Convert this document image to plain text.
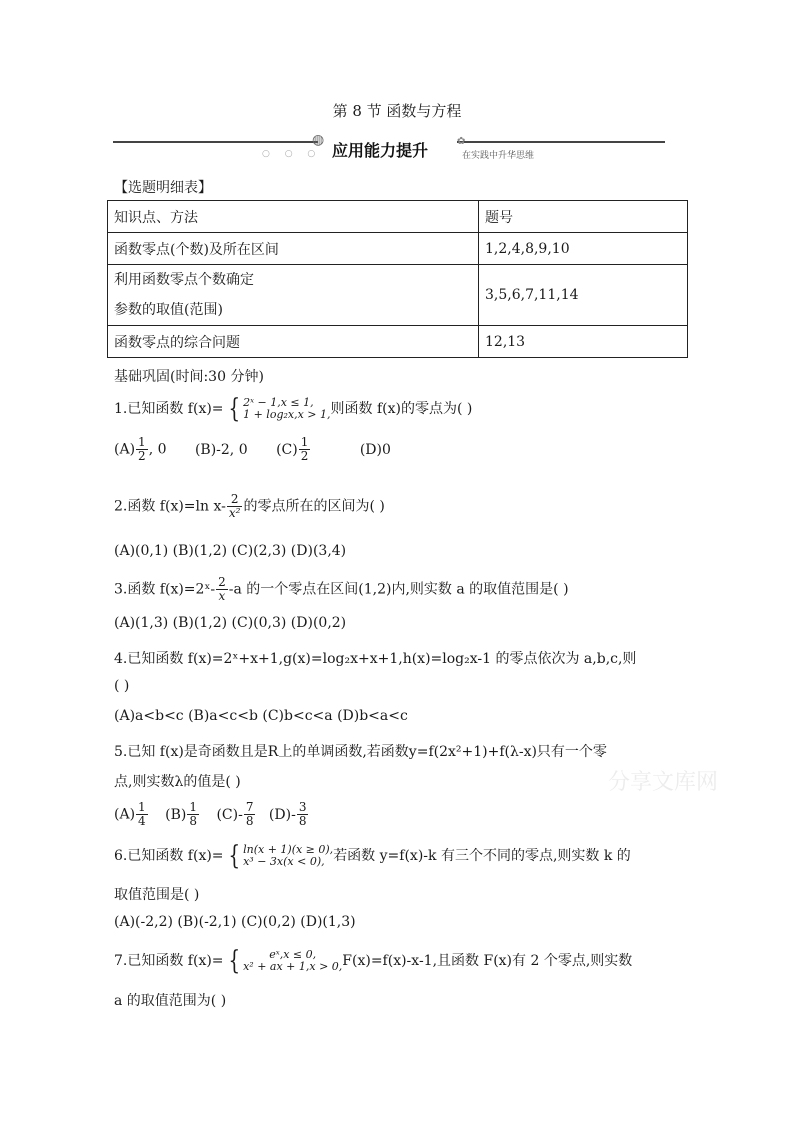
第 8 节 函数与方程
○ ○ ○
◍
应用能力提升	✿
在实践中升华思维
【选题明细表】
知识点、方法	题号
函数零点(个数)及所在区间	1,2,4,8,9,10

利用函数零点个数确定
参数的取值(范围)	3,5,6,7,11,14
函数零点的综合问题	12,13
基础巩固(时间:30 分钟)
1.已知函数 f(x)= { 2ˣ − 1,x ≤ 1,
1 + log₂x,x > 1, 则函数 f(x)的零点为( )
$(A) \frac{1}{2}$ , 0 (B)-2, 0 $(C) \frac{1}{2}$	(D)0
2.函数 f(x)=ln $x- \frac{2}{\text{x²}}$ 的零点所在的区间为( )
(A)(0,1) (B)(1,2) (C)(2,3) (D)(3,4)
3.函数 f(x)=2ˣ- $\frac{2}{x} -a$ 的一个零点在区间(1,2)内,则实数 a 的取值范围是( )
(A)(1,3) (B)(1,2) (C)(0,3) (D)(0,2)
4.已知函数 f(x)=2ˣ+x+1,g(x)=log₂x+x+1,h(x)=log₂x-1 的零点依次为 a,b,c,则
( )
(A)a<b<c (B)a<c<b (C)b<c<a (D)b<a<c
5.已知 f(x)是奇函数且是R上的单调函数,若函数y=f(2x²+1)+f(λ-x)只有一个零
点,则实数λ的值是( )
$(A) \frac{1}{4} (B) \frac{1}{8} (C)- \frac{7}{8} (D)- \frac{3}{8}$
6.已知函数 f(x)= { ln(x + 1)(x ≥ 0),
x³ − 3x(x < 0), 若函数 y=f(x)-k 有三个不同的零点,则实数 k 的
取值范围是( )
(A)(-2,2) (B)(-2,1) (C)(0,2) (D)(1,3)
7.已知函数 f(x)= {	eˣ,x ≤ 0,
x² + ax + 1,x > 0, F(x)=f(x)-x-1,且函数 F(x)有 2 个零点,则实数
a 的取值范围为( )
分享文库网
